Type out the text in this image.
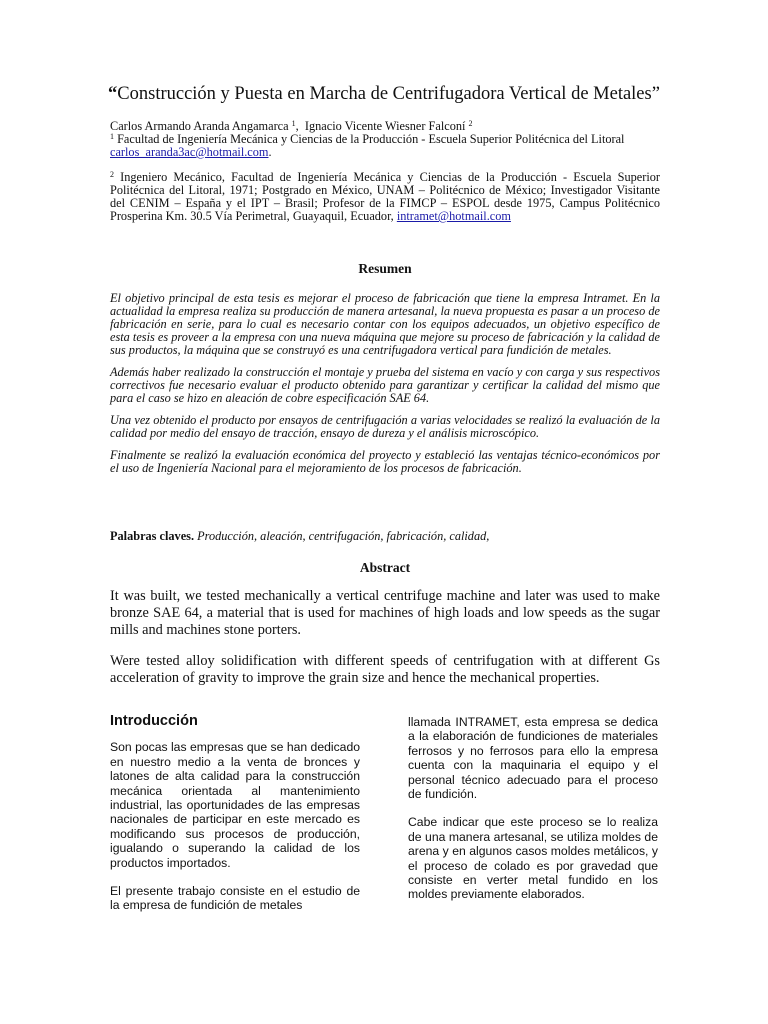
“Construcción y Puesta en Marcha de Centrifugadora Vertical de Metales”
Carlos Armando Aranda Angamarca $^1$, Ignacio Vicente Wiesner Falconí $^2$
$^1$ Facultad de Ingeniería Mecánica y Ciencias de la Producción - Escuela Superior Politécnica del Litoral
carlos_aranda3ac@hotmail.com.
$^2$ Ingeniero Mecánico, Facultad de Ingeniería Mecánica y Ciencias de la Producción - Escuela Superior Politécnica del Litoral, 1971; Postgrado en México, UNAM – Politécnico de México; Investigador Visitante del CENIM – España y el IPT – Brasil; Profesor de la FIMCP – ESPOL desde 1975, Campus Politécnico Prosperina Km. 30.5 Vía Perimetral, Guayaquil, Ecuador, intramet@hotmail.com
Resumen

El objetivo principal de esta tesis es mejorar el proceso de fabricación que tiene la empresa Intramet. En la actualidad la empresa realiza su producción de manera artesanal, la nueva propuesta es pasar a un proceso de fabricación en serie, para lo cual es necesario contar con los equipos adecuados, un objetivo específico de esta tesis es proveer a la empresa con una nueva máquina que mejore su proceso de fabricación y la calidad de sus productos, la máquina que se construyó es una centrifugadora vertical para fundición de metales.

Además haber realizado la construcción el montaje y prueba del sistema en vacío y con carga y sus respectivos correctivos fue necesario evaluar el producto obtenido para garantizar y certificar la calidad del mismo que para el caso se hizo en aleación de cobre especificación SAE 64.

Una vez obtenido el producto por ensayos de centrifugación a varias velocidades se realizó la evaluación de la calidad por medio del ensayo de tracción, ensayo de dureza y el análisis microscópico.

Finalmente se realizó la evaluación económica del proyecto y estableció las ventajas técnico-económicos por el uso de Ingeniería Nacional para el mejoramiento de los procesos de fabricación.

Palabras claves. Producción, aleación, centrifugación, fabricación, calidad,
Abstract

It was built, we tested mechanically a vertical centrifuge machine and later was used to make bronze SAE 64, a material that is used for machines of high loads and low speeds as the sugar mills and machines stone porters.

Were tested alloy solidification with different speeds of centrifugation with at different Gs acceleration of gravity to improve the grain size and hence the mechanical properties.

Introducción

Son pocas las empresas que se han dedicado en nuestro medio a la venta de bronces y latones de alta calidad para la construcción mecánica orientada al mantenimiento industrial, las oportunidades de las empresas nacionales de participar en este mercado es modificando sus procesos de producción, igualando o superando la calidad de los productos importados.

El presente trabajo consiste en el estudio de la empresa de fundición de metales

llamada INTRAMET, esta empresa se dedica a la elaboración de fundiciones de materiales ferrosos y no ferrosos para ello la empresa cuenta con la maquinaria el equipo y el personal técnico adecuado para el proceso de fundición.

Cabe indicar que este proceso se lo realiza de una manera artesanal, se utiliza moldes de arena y en algunos casos moldes metálicos, y el proceso de colado es por gravedad que consiste en verter metal fundido en los moldes previamente elaborados.
